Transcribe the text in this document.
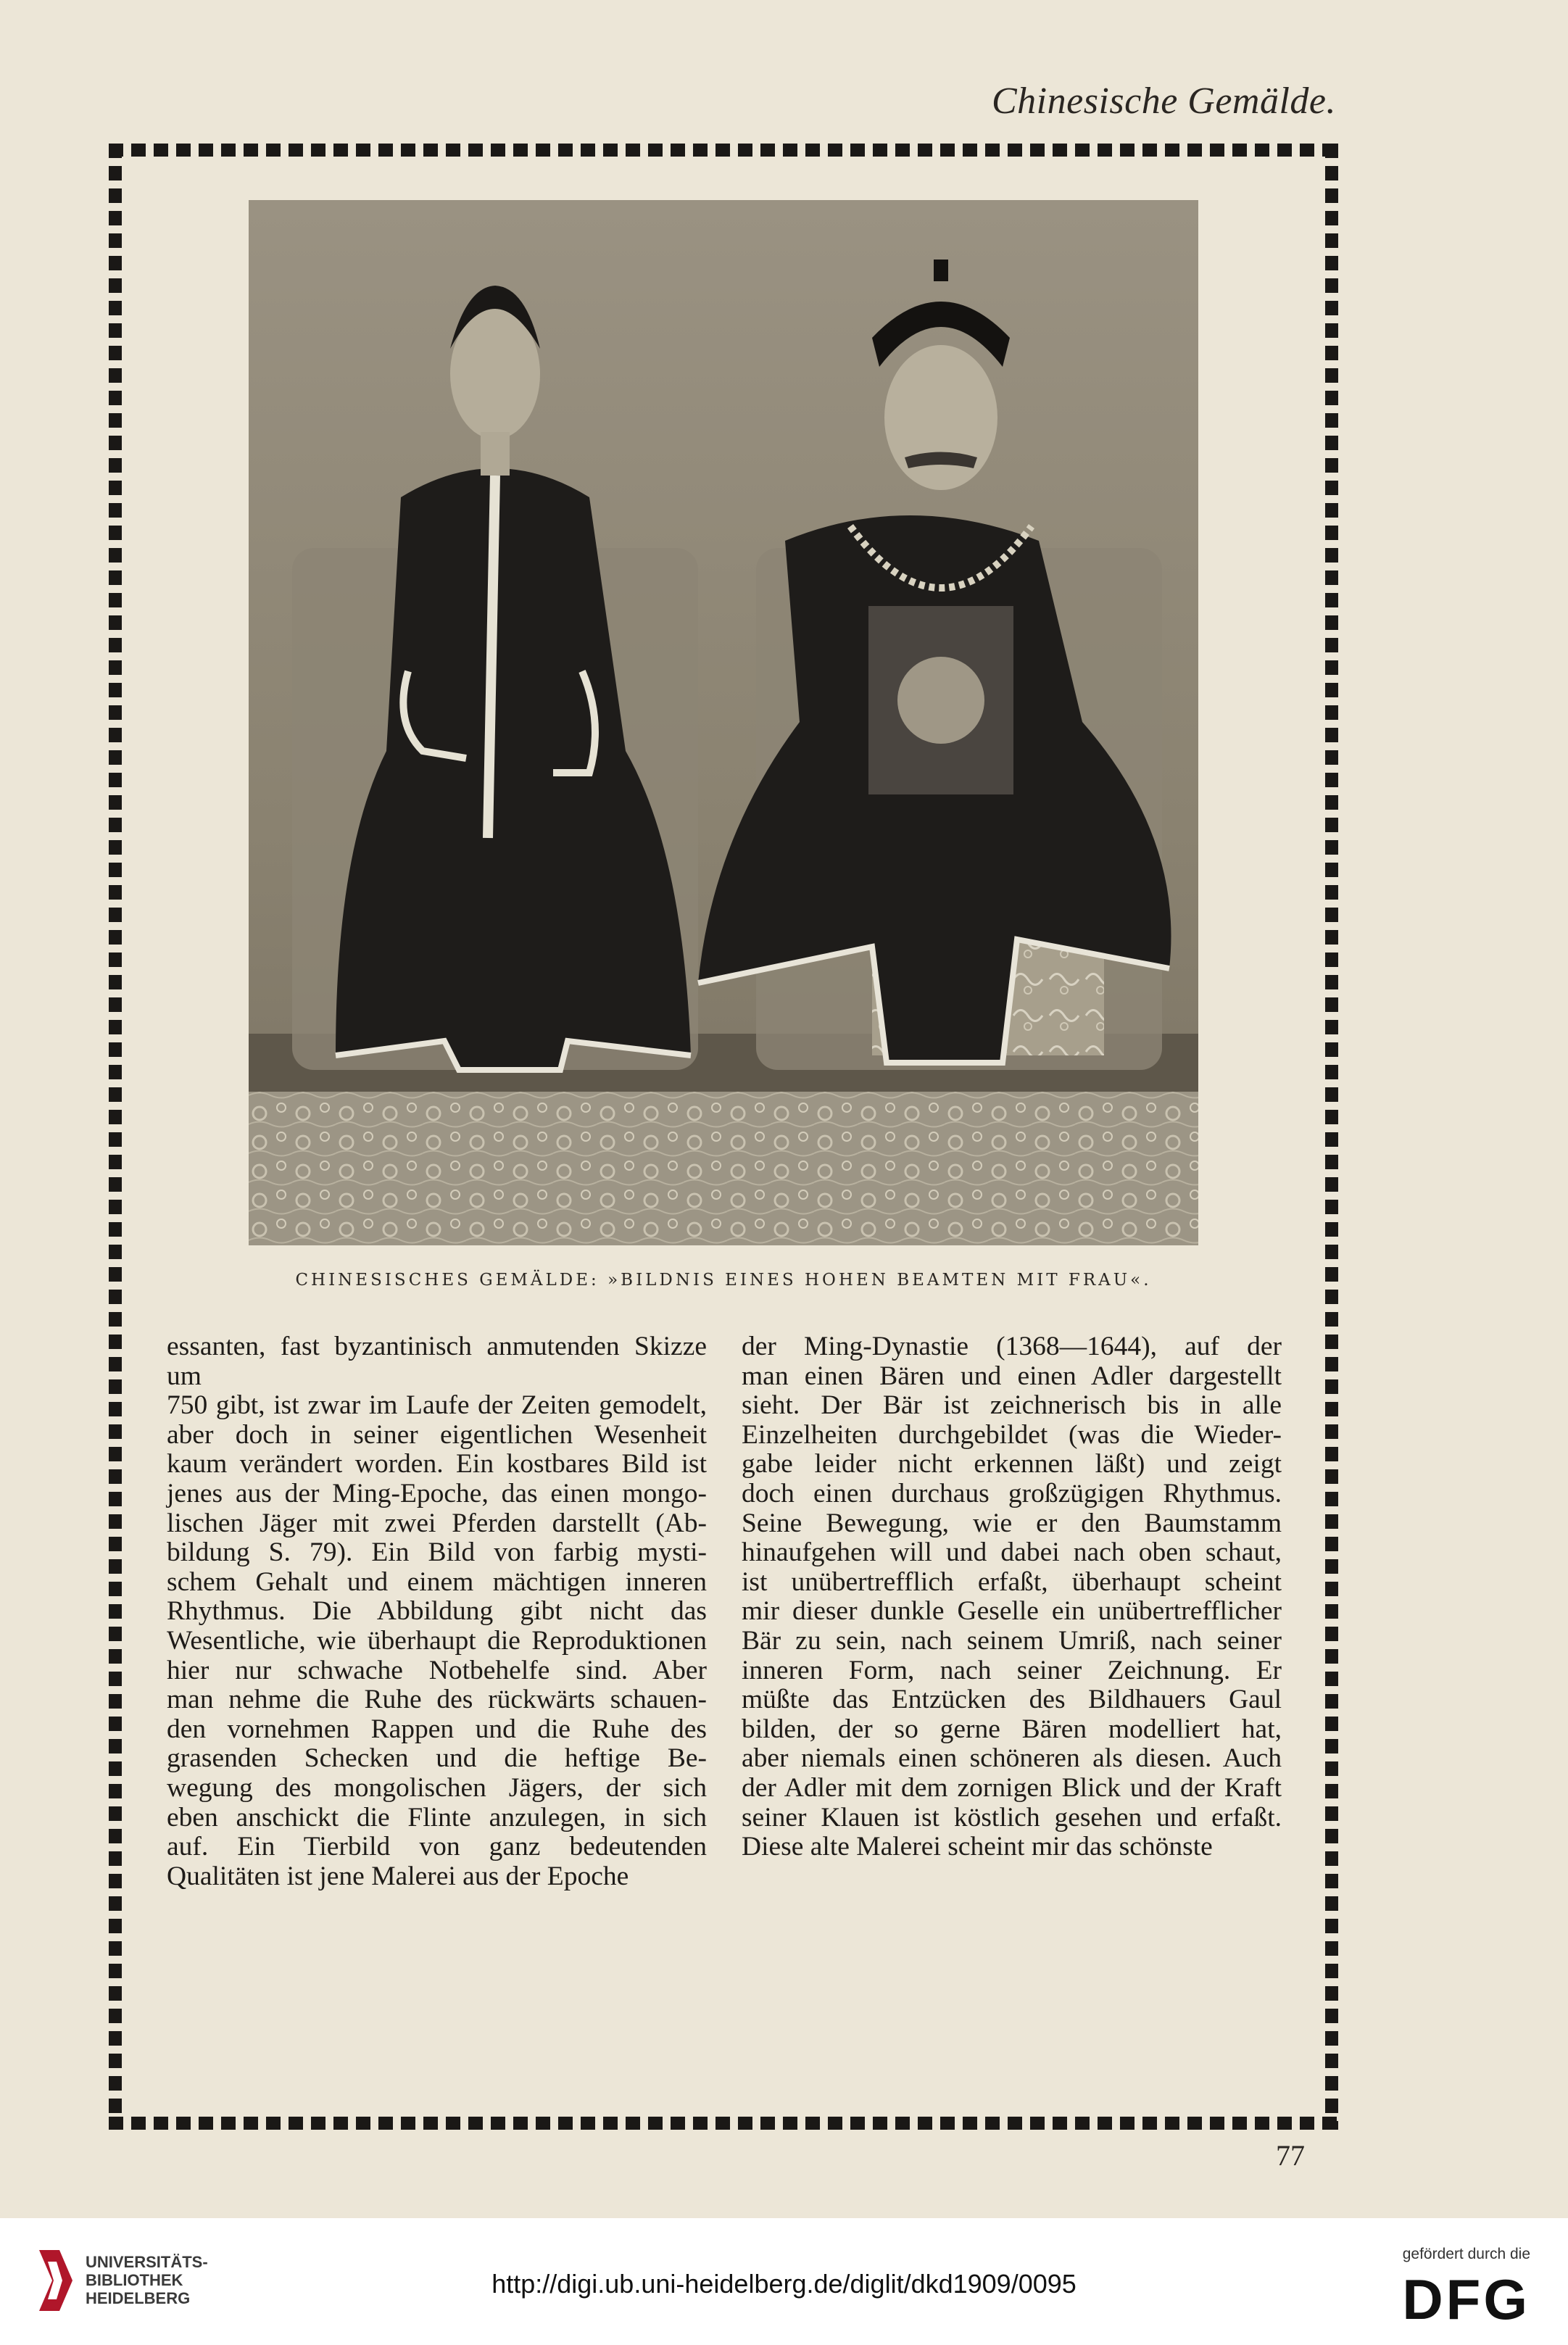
Chinesische Gemälde.
CHINESISCHES GEMÄLDE: »BILDNIS EINES HOHEN BEAMTEN MIT FRAU«.
essanten, fast byzantinisch anmutenden Skizze um
750 gibt, ist zwar im Laufe der Zeiten gemodelt,
aber doch in seiner eigentlichen Wesenheit
kaum verändert worden. Ein kostbares Bild ist
jenes aus der Ming-Epoche, das einen mongo-
lischen Jäger mit zwei Pferden darstellt (Ab-
bildung S. 79). Ein Bild von farbig mysti-
schem Gehalt und einem mächtigen inneren
Rhythmus. Die Abbildung gibt nicht das
Wesentliche, wie überhaupt die Reproduktionen
hier nur schwache Notbehelfe sind. Aber
man nehme die Ruhe des rückwärts schauen-
den vornehmen Rappen und die Ruhe des
grasenden Schecken und die heftige Be-
wegung des mongolischen Jägers, der sich
eben anschickt die Flinte anzulegen, in sich
auf. Ein Tierbild von ganz bedeutenden
Qualitäten ist jene Malerei aus der Epoche
der Ming-Dynastie (1368—1644), auf der
man einen Bären und einen Adler dargestellt
sieht. Der Bär ist zeichnerisch bis in alle
Einzelheiten durchgebildet (was die Wieder-
gabe leider nicht erkennen läßt) und zeigt
doch einen durchaus großzügigen Rhythmus.
Seine Bewegung, wie er den Baumstamm
hinaufgehen will und dabei nach oben schaut,
ist unübertrefflich erfaßt, überhaupt scheint
mir dieser dunkle Geselle ein unübertrefflicher
Bär zu sein, nach seinem Umriß, nach seiner
inneren Form, nach seiner Zeichnung. Er
müßte das Entzücken des Bildhauers Gaul
bilden, der so gerne Bären modelliert hat,
aber niemals einen schöneren als diesen. Auch
der Adler mit dem zornigen Blick und der Kraft
seiner Klauen ist köstlich gesehen und erfaßt.
Diese alte Malerei scheint mir das schönste
77
UNIVERSITÄTS-
BIBLIOTHEK
HEIDELBERG	http://digi.ub.uni-heidelberg.de/diglit/dkd1909/0095
gefördert durch die
DFG
